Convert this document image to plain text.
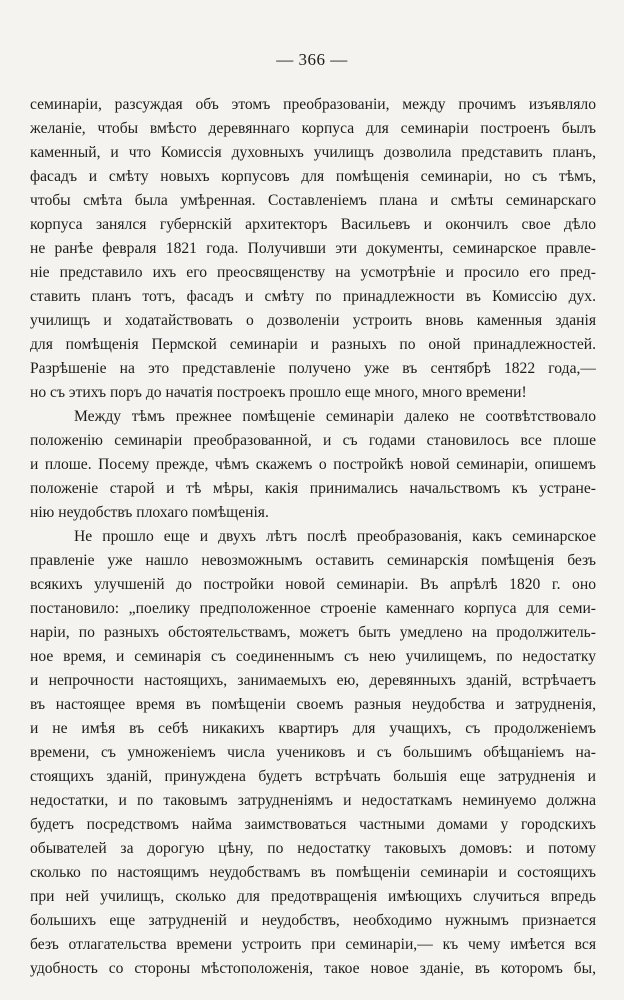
— 366 —
семинаріи, разсуждая объ этомъ преобразованіи, между прочимъ изъявляло
желаніе, чтобы вмѣсто деревяннаго корпуса для семинаріи построенъ былъ
каменный, и что Комиссія духовныхъ училищъ дозволила представить планъ,
фасадъ и смѣту новыхъ корпусовъ для помѣщенія семинаріи, но съ тѣмъ,
чтобы смѣта была умѣренная. Составленіемъ плана и смѣты семинарскаго
корпуса занялся губернскій архитекторъ Васильевъ и окончилъ свое дѣло
не ранѣе февраля 1821 года. Получивши эти документы, семинарское правле-
ніе представило ихъ его преосвященству на усмотрѣніе и просило его пред-
ставить планъ тотъ, фасадъ и смѣту по принадлежности въ Комиссію дух.
училищъ и ходатайствовать о дозволеніи устроить вновь каменныя зданія
для помѣщенія Пермской семинаріи и разныхъ по оной принадлежностей.
Разрѣшеніе на это представленіе получено уже въ сентябрѣ 1822 года,—
но съ этихъ поръ до начатія построекъ прошло еще много, много времени!
Между тѣмъ прежнее помѣщеніе семинаріи далеко не соотвѣтствовало
положенію семинаріи преобразованной, и съ годами становилось все плоше
и плоше. Посему прежде, чѣмъ скажемъ о постройкѣ новой семинаріи, опишемъ
положеніе старой и тѣ мѣры, какія принимались начальствомъ къ устране-
нію неудобствъ плохаго помѣщенія.
Не прошло еще и двухъ лѣтъ послѣ преобразованія, какъ семинарское
правленіе уже нашло невозможнымъ оставить семинарскія помѣщенія безъ
всякихъ улучшеній до постройки новой семинаріи. Въ апрѣлѣ 1820 г. оно
постановило: „поелику предположенное строеніе каменнаго корпуса для семи-
наріи, по разныхъ обстоятельствамъ, можетъ быть умедлено на продолжитель-
ное время, и семинарія съ соединеннымъ съ нею училищемъ, по недостатку
и непрочности настоящихъ, занимаемыхъ ею, деревянныхъ зданій, встрѣчаетъ
въ настоящее время въ помѣщеніи своемъ разныя неудобства и затрудненія,
и не имѣя въ себѣ никакихъ квартиръ для учащихъ, съ продолженіемъ
времени, съ умноженіемъ числа учениковъ и съ большимъ обѣщаніемъ на-
стоящихъ зданій, принуждена будетъ встрѣчать большія еще затрудненія и
недостатки, и по таковымъ затрудненіямъ и недостаткамъ неминуемо должна
будетъ посредствомъ найма заимствоваться частными домами у городскихъ
обывателей за дорогую цѣну, по недостатку таковыхъ домовъ: и потому
сколько по настоящимъ неудобствамъ въ помѣщеніи семинаріи и состоящихъ
при ней училищъ, сколько для предотвращенія имѣющихъ случиться впредь
большихъ еще затрудненій и неудобствъ, необходимо нужнымъ признается
безъ отлагательства времени устроить при семинаріи,— къ чему имѣется вся
удобность со стороны мѣстоположенія, такое новое зданіе, въ которомъ бы,
